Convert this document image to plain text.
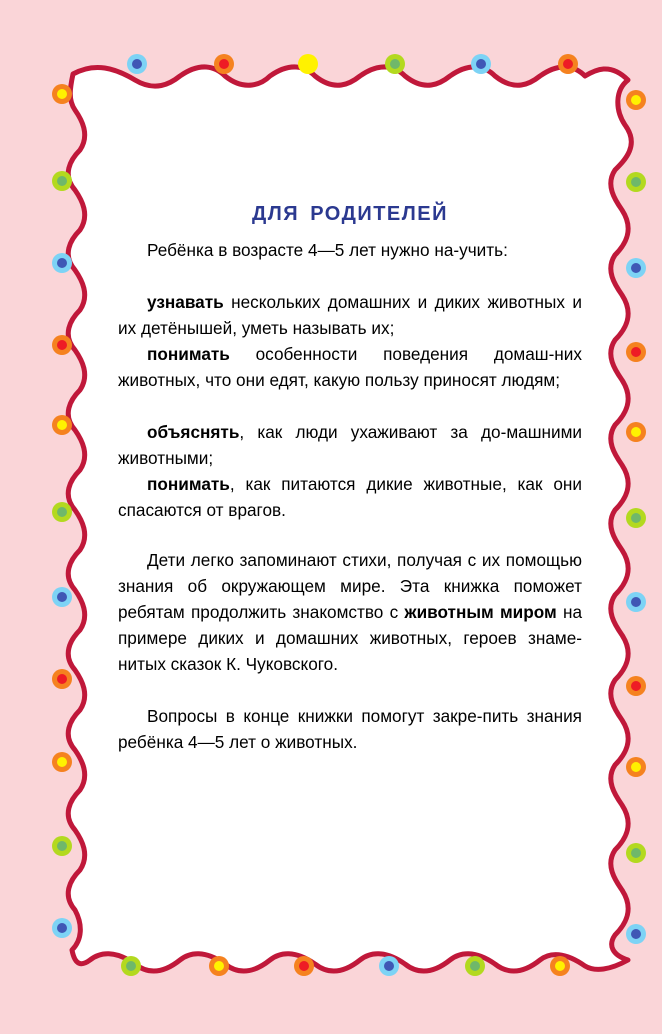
ДЛЯ РОДИТЕЛЕЙ

Ребёнка в возрасте 4—5 лет нужно на-учить:

узнавать нескольких домашних и диких животных и их детёнышей, уметь называть их;

понимать особенности поведения домаш-них животных, что они едят, какую пользу приносят людям;

объяснять, как люди ухаживают за до-машними животными;

понимать, как питаются дикие животные, как они спасаются от врагов.

Дети легко запоминают стихи, получая с их помощью знания об окружающем мире. Эта книжка поможет ребятам продолжить знакомство с животным миром на примере диких и домашних животных, героев знаме-нитых сказок К. Чуковского.

Вопросы в конце книжки помогут закре-пить знания ребёнка 4—5 лет о животных.
